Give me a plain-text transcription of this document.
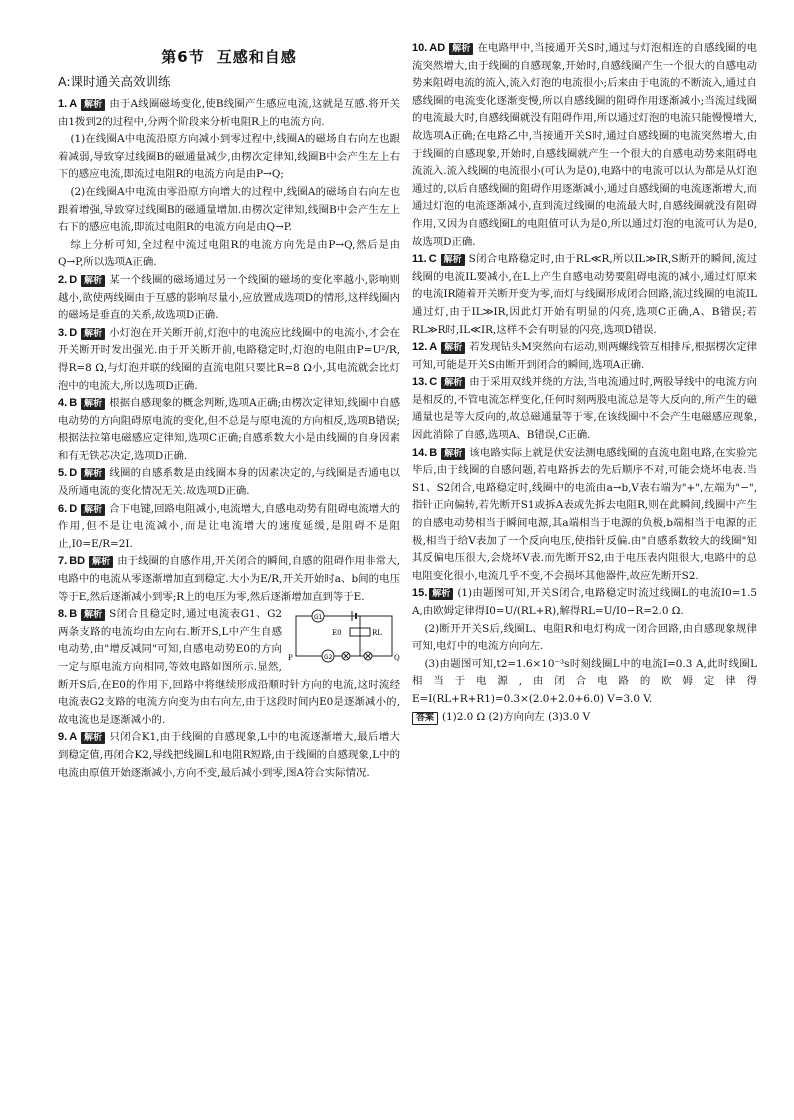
第6节 互感和自感
A:课时通关高效训练

1. A 解析 由于A线圈磁场变化,使B线圈产生感应电流,这就是互感.将开关由1拨到2的过程中,分两个阶段来分析电阻R上的电流方向.

(1)在线圈A中电流沿原方向减小到零过程中,线圈A的磁场自右向左也跟着减弱,导致穿过线圈B的磁通量减少,由楞次定律知,线圈B中会产生左上右下的感应电流,即流过电阻R的电流方向是由P→Q;

(2)在线圈A中电流由零沿原方向增大的过程中,线圈A的磁场自右向左也跟着增强,导致穿过线圈B的磁通量增加.由楞次定律知,线圈B中会产生左上右下的感应电流,即流过电阻R的电流方向是由Q→P.

综上分析可知,全过程中流过电阻R的电流方向先是由P→Q,然后是由Q→P,所以选项A正确.

2. D 解析 某一个线圈的磁场通过另一个线圈的磁场的变化率越小,影响则越小,欲使两线圈由于互感的影响尽量小,应放置成选项D的情形,这样线圈内的磁场是垂直的关系,故选项D正确.

3. D 解析 小灯泡在开关断开前,灯泡中的电流应比线圈中的电流小,才会在开关断开时发出强光.由于开关断开前,电路稳定时,灯泡的电阻由P=U²/R,得R=8 Ω,与灯泡并联的线圈的直流电阻只要比R=8 Ω小,其电流就会比灯泡中的电流大,所以选项D正确.

4. B 解析 根据自感现象的概念判断,选项A正确;由楞次定律知,线圈中自感电动势的方向阻碍原电流的变化,但不总是与原电流的方向相反,选项B错误;根据法拉第电磁感应定律知,选项C正确;自感系数大小是由线圈的自身因素和有无铁芯决定,选项D正确.

5. D 解析 线圈的自感系数是由线圈本身的因素决定的,与线圈是否通电以及所通电流的变化情况无关.故选项D正确.

6. D 解析 合下电键,回路电阻减小,电流增大,自感电动势有阻碍电流增大的作用,但不是让电流减小,而是让电流增大的速度延缓,是阻碍不是阻止,I0=E/R=2I.

7. BD 解析 由于线圈的自感作用,开关闭合的瞬间,自感的阻碍作用非常大,电路中的电流从零逐渐增加直到稳定.大小为E/R,开关开始时a、b间的电压等于E,然后逐渐减小到零;R上的电压为零,然后逐渐增加直到等于E.

8. B 解析	G1
E0	RL
G2
P	Q
S闭合且稳定时,通过电流表G1、G2两条支路的电流均由左向右.断开S,L中产生自感电动势,由"增反减同"可知,自感电动势E0的方向一定与原电流方向相同,等效电路如图所示.显然,断开S后,在E0的作用下,回路中将继续形成沿顺时针方向的电流,这时流经电流表G2支路的电流方向变为由右向左,由于这段时间内E0是逐渐减小的,故电流也是逐渐减小的.

9. A 解析 只闭合K1,由于线圈的自感现象,L中的电流逐渐增大,最后增大到稳定值,再闭合K2,导线把线圈L和电阻R短路,由于线圈的自感现象,L中的电流由原值开始逐渐减小,方向不变,最后减小到零,图A符合实际情况.

10. AD 解析 在电路甲中,当接通开关S时,通过与灯泡相连的自感线圈的电流突然增大,由于线圈的自感现象,开始时,自感线圈产生一个很大的自感电动势来阻碍电流的流入,流入灯泡的电流很小;后来由于电流的不断流入,通过自感线圈的电流变化逐渐变慢,所以自感线圈的阻碍作用逐渐减小;当流过线圈的电流最大时,自感线圈就没有阻碍作用,所以通过灯泡的电流只能慢慢增大,故选项A正确;在电路乙中,当接通开关S时,通过自感线圈的电流突然增大,由于线圈的自感现象,开始时,自感线圈就产生一个很大的自感电动势来阻碍电流流入.流入线圈的电流很小(可认为是0),电路中的电流可以认为都是从灯泡通过的,以后自感线圈的阻碍作用逐渐减小,通过自感线圈的电流逐渐增大,而通过灯泡的电流逐渐减小,直到流过线圈的电流最大时,自感线圈就没有阻碍作用,又因为自感线圈L的电阻值可认为是0,所以通过灯泡的电流可认为是0,故选项D正确.

11. C 解析 S闭合电路稳定时,由于RL≪R,所以IL≫IR,S断开的瞬间,流过线圈的电流IL要减小,在L上产生自感电动势要阻碍电流的减小,通过灯原来的电流IR随着开关断开变为零,而灯与线圈形成闭合回路,流过线圈的电流IL通过灯,由于IL≫IR,因此灯开始有明显的闪亮,选项C正确,A、B错误;若RL≫R时,IL≪IR,这样不会有明显的闪亮,选项D错误.

12. A 解析 若发现钻头M突然向右运动,则两螺线管互相排斥,根据楞次定律可知,可能是开关S由断开到闭合的瞬间,选项A正确.

13. C 解析 由于采用双线并绕的方法,当电流通过时,两股导线中的电流方向是相反的,不管电流怎样变化,任何时刻两股电流总是等大反向的,所产生的磁通量也是等大反向的,故总磁通量等于零,在该线圈中不会产生电磁感应现象,因此消除了自感,选项A、B错误,C正确.

14. B 解析 该电路实际上就是伏安法测电感线圈的直流电阻电路,在实验完毕后,由于线圈的自感问题,若电路拆去的先后顺序不对,可能会烧坏电表.当S1、S2闭合,电路稳定时,线圈中的电流由a→b,V表右端为"+",左端为"−",指针正向偏转,若先断开S1或拆A表或先拆去电阻R,则在此瞬间,线圈中产生的自感电动势相当于瞬间电源,其a端相当于电源的负极,b端相当于电源的正极,相当于给V表加了一个反向电压,使指针反偏.由"自感系数较大的线圈"知其反偏电压很大,会烧坏V表.而先断开S2,由于电压表内阻很大,电路中的总电阻变化很小,电流几乎不变,不会损坏其他器件,故应先断开S2.

15. 解析 (1)由题图可知,开关S闭合,电路稳定时流过线圈L的电流I0=1.5 A,由欧姆定律得I0=U/(RL+R),解得RL=U/I0−R=2.0 Ω.

(2)断开开关S后,线圈L、电阻R和电灯构成一闭合回路,由自感现象规律可知,电灯中的电流方向向左.

(3)由题图可知,t2=1.6×10⁻³s时刻线圈L中的电流I=0.3 A,此时线圈L相当于电源,由闭合电路的欧姆定律得E=I(RL+R+R1)=0.3×(2.0+2.0+6.0) V=3.0 V.

答案 (1)2.0 Ω (2)方向向左 (3)3.0 V
